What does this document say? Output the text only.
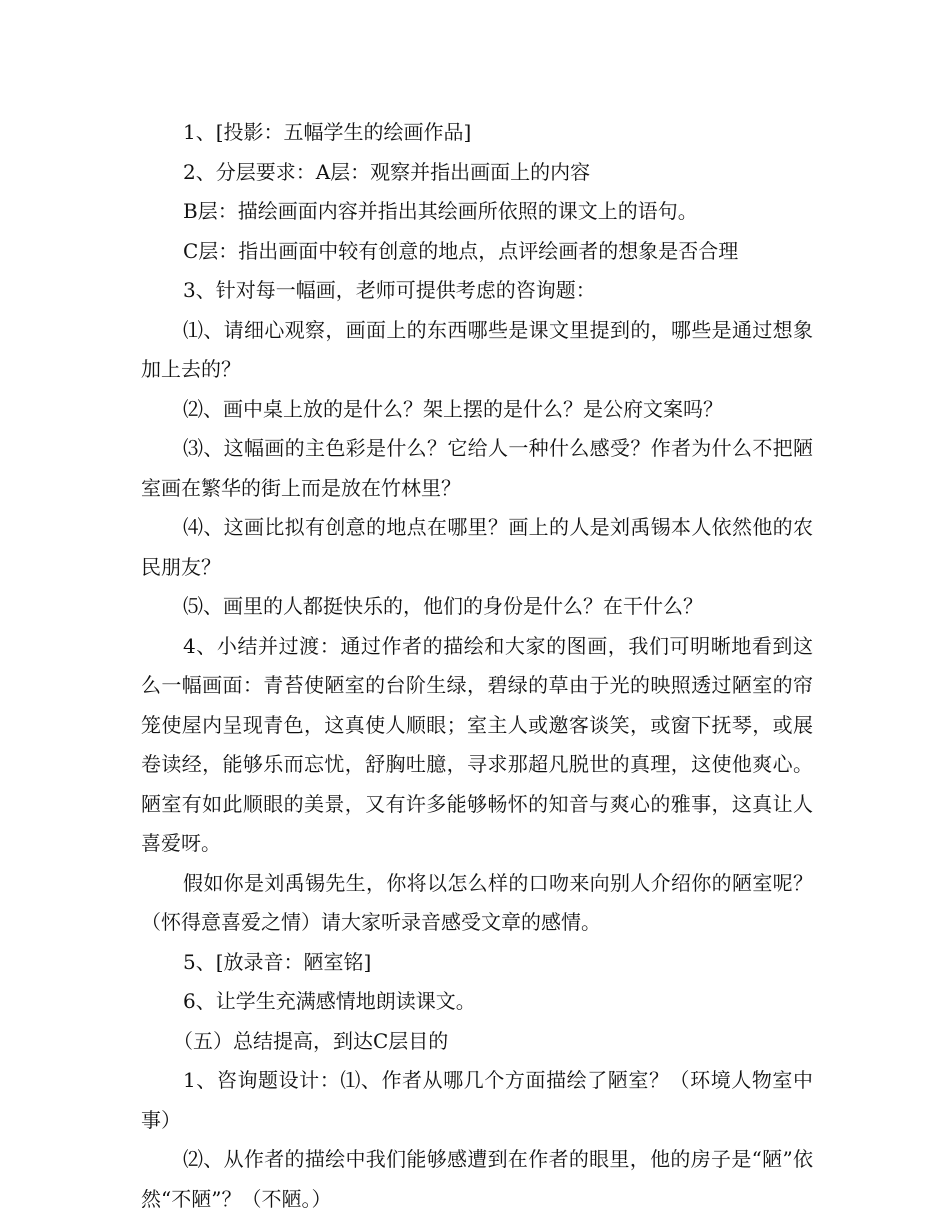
1、[投影：五幅学生的绘画作品]

2、分层要求：A层：观察并指出画面上的内容

B层：描绘画面内容并指出其绘画所依照的课文上的语句。

C层：指出画面中较有创意的地点，点评绘画者的想象是否合理

3、针对每一幅画，老师可提供考虑的咨询题：

⑴、请细心观察，画面上的东西哪些是课文里提到的，哪些是通过想象加上去的？

⑵、画中桌上放的是什么？架上摆的是什么？是公府文案吗？

⑶、这幅画的主色彩是什么？它给人一种什么感受？作者为什么不把陋室画在繁华的街上而是放在竹林里？

⑷、这画比拟有创意的地点在哪里？画上的人是刘禹锡本人依然他的农民朋友？

⑸、画里的人都挺快乐的，他们的身份是什么？在干什么？

4、小结并过渡：通过作者的描绘和大家的图画，我们可明晰地看到这么一幅画面：青苔使陋室的台阶生绿，碧绿的草由于光的映照透过陋室的帘笼使屋内呈现青色，这真使人顺眼；室主人或邀客谈笑，或窗下抚琴，或展卷读经，能够乐而忘忧，舒胸吐臆，寻求那超凡脱世的真理，这使他爽心。陋室有如此顺眼的美景，又有许多能够畅怀的知音与爽心的雅事，这真让人喜爱呀。

假如你是刘禹锡先生，你将以怎么样的口吻来向别人介绍你的陋室呢？（怀得意喜爱之情）请大家听录音感受文章的感情。

5、[放录音：陋室铭]

6、让学生充满感情地朗读课文。

（五）总结提高，到达C层目的

1、咨询题设计：⑴、作者从哪几个方面描绘了陋室？（环境人物室中事）

⑵、从作者的描绘中我们能够感遭到在作者的眼里，他的房子是“陋”依然“不陋”？（不陋。）
